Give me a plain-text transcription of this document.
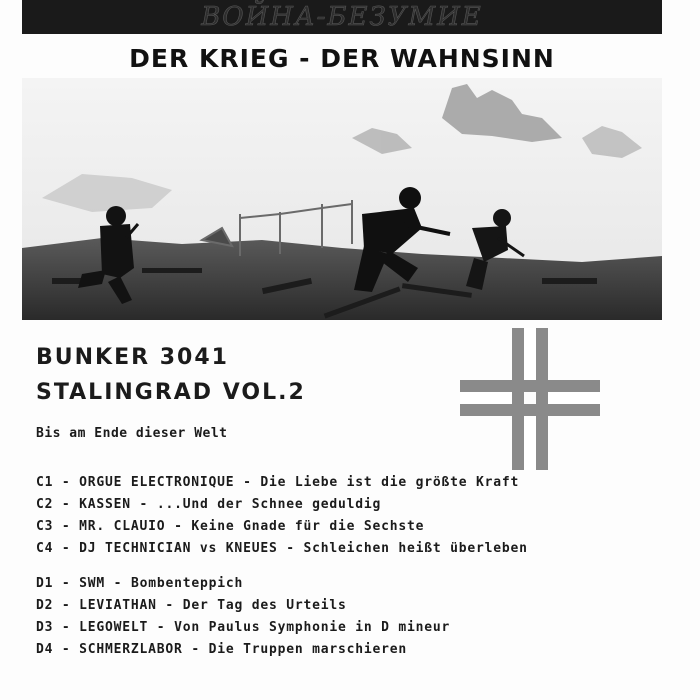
ВОЙНА-БЕЗУМИЕ
DER KRIEG - DER WAHNSINN
BUNKER 3041
STALINGRAD VOL.2
Bis am Ende dieser Welt
C1 - ORGUE ELECTRONIQUE - Die Liebe ist die größte Kraft
C2 - KASSEN - ...Und der Schnee geduldig
C3 - MR. CLAUIO - Keine Gnade für die Sechste
C4 - DJ TECHNICIAN vs KNEUES - Schleichen heißt überleben
D1 - SWM - Bombenteppich
D2 - LEVIATHAN - Der Tag des Urteils
D3 - LEGOWELT - Von Paulus Symphonie in D mineur
D4 - SCHMERZLABOR - Die Truppen marschieren
